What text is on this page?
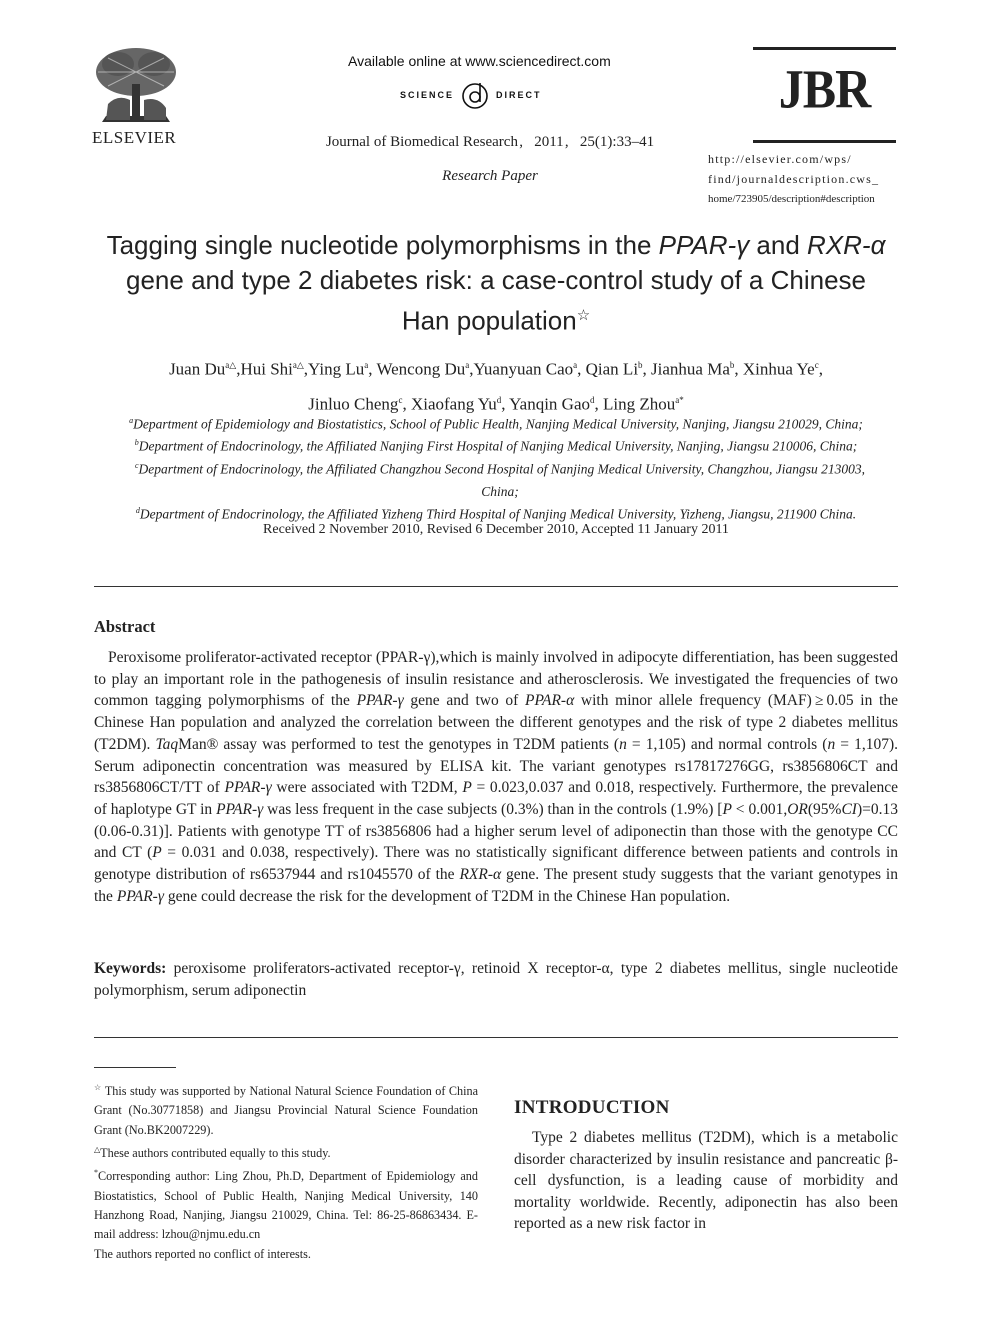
ELSEVIER
Available online at www.sciencedirect.com
SCIENCE	DIRECT
Journal of Biomedical Research ,  2011 ,  25(1):33–41
Research Paper
JBR
http://elsevier.com/wps/
find/journaldescription.cws_
home/723905/description#description
Tagging single nucleotide polymorphisms in the PPAR-γ and RXR-α
gene and type 2 diabetes risk: a case-control study of a Chinese
Han population☆
Juan $Du^{a\triangle},Hui$ Shi$^{a\triangle}$,Ying Lu$^a$, Wencong Du$^a$,Yuanyuan Cao$^a$, Qian Li$^b$, Jianhua Ma$^b$, Xinhua Ye$^c$,
Jinluo Cheng$^c$, Xiaofang Yu$^d$, Yanqin Gao$^d$, Ling Zhou$^{a*}$
$^a$Department of Epidemiology and Biostatistics, School of Public Health, Nanjing Medical University, Nanjing, Jiangsu 210029, China;
$^b$Department of Endocrinology, the Affiliated Nanjing First Hospital of Nanjing Medical University, Nanjing, Jiangsu 210006, China;
$^c$Department of Endocrinology, the Affiliated Changzhou Second Hospital of Nanjing Medical University, Changzhou, Jiangsu 213003, China;
$^d$Department of Endocrinology, the Affiliated Yizheng Third Hospital of Nanjing Medical University, Yizheng, Jiangsu, 211900 China.
Received 2 November 2010, Revised 6 December 2010, Accepted 11 January 2011
Abstract
Peroxisome proliferator-activated receptor (PPAR-γ),which is mainly involved in adipocyte differentiation, has been suggested to play an important role in the pathogenesis of insulin resistance and atherosclerosis. We investigated the frequencies of two common tagging polymorphisms of the PPAR-γ gene and two of PPAR-α with minor allele frequency (MAF) ≥ 0.05 in the Chinese Han population and analyzed the correlation between the different genotypes and the risk of type 2 diabetes mellitus (T2DM). TaqMan® assay was performed to test the genotypes in T2DM patients (n = 1,105) and normal controls (n = 1,107). Serum adiponectin concentration was measured by ELISA kit. The variant genotypes rs17817276GG, rs3856806CT and rs3856806CT/TT of PPAR-γ were associated with T2DM, P = 0.023,0.037 and 0.018, respectively. Furthermore, the prevalence of haplotype GT in PPAR-γ was less frequent in the case subjects (0.3%) than in the controls (1.9%) [P < 0.001,OR(95%CI)=0.13 (0.06-0.31)]. Patients with genotype TT of rs3856806 had a higher serum level of adiponectin than those with the genotype CC and CT (P = 0.031 and 0.038, respectively). There was no statistically significant difference between patients and controls in genotype distribution of rs6537944 and rs1045570 of the RXR-α gene. The present study suggests that the variant genotypes in the PPAR-γ gene could decrease the risk for the development of T2DM in the Chinese Han population.
Keywords: peroxisome proliferators-activated receptor-γ, retinoid X receptor-α, type 2 diabetes mellitus, single nucleotide polymorphism, serum adiponectin

☆ This study was supported by National Natural Science Foundation of China Grant (No.30771858) and Jiangsu Provincial Natural Science Foundation Grant (No.BK2007229).

△These authors contributed equally to this study.

*Corresponding author: Ling Zhou, Ph.D, Department of Epidemiology and Biostatistics, School of Public Health, Nanjing Medical University, 140 Hanzhong Road, Nanjing, Jiangsu 210029, China. Tel: 86-25-86863434. E-mail address: lzhou@njmu.edu.cn

The authors reported no conflict of interests.

INTRODUCTION
Type 2 diabetes mellitus (T2DM), which is a metabolic disorder characterized by insulin resistance and pancreatic β-cell dysfunction, is a leading cause of morbidity and mortality worldwide. Recently, adiponectin has also been reported as a new risk factor in
